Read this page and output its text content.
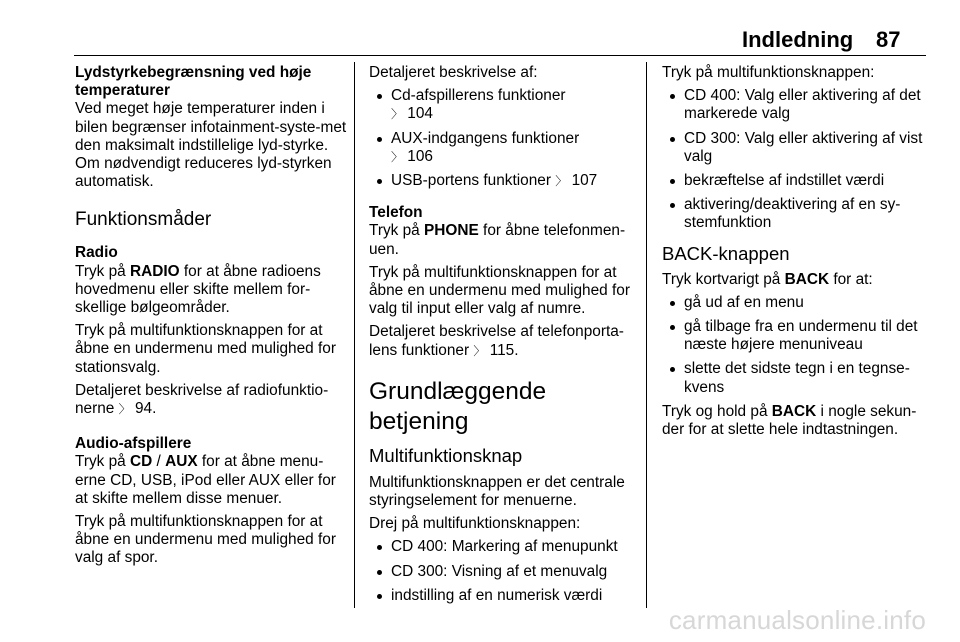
Indledning 87

Lydstyrkebegrænsning ved høje temperaturer

Ved meget høje temperaturer inden i bilen begrænser infotainment-syste-met den maksimalt indstillelige lyd-styrke. Om nødvendigt reduceres lyd-styrken automatisk.

Funktionsmåder

Radio

Tryk på RADIO for at åbne radioens hovedmenu eller skifte mellem for-skellige bølgeområder.

Tryk på multifunktionsknappen for at åbne en undermenu med mulighed for stationsvalg.

Detaljeret beskrivelse af radiofunktio-nerne 〉 94.

Audio-afspillere

Tryk på CD / AUX for at åbne menu-erne CD, USB, iPod eller AUX eller for at skifte mellem disse menuer.

Tryk på multifunktionsknappen for at åbne en undermenu med mulighed for valg af spor.

Detaljeret beskrivelse af:

Cd-afspillerens funktioner
〉 104
AUX-indgangens funktioner
〉 106
USB-portens funktioner 〉 107

Telefon

Tryk på PHONE for åbne telefonmen-uen.

Tryk på multifunktionsknappen for at åbne en undermenu med mulighed for valg til input eller valg af numre.

Detaljeret beskrivelse af telefonporta-lens funktioner 〉 115.

Grundlæggende betjening
Multifunktionsknap

Multifunktionsknappen er det centrale styringselement for menuerne.

Drej på multifunktionsknappen:

CD 400: Markering af menupunkt
CD 300: Visning af et menuvalg
indstilling af en numerisk værdi

Tryk på multifunktionsknappen:

CD 400: Valg eller aktivering af det markerede valg
CD 300: Valg eller aktivering af vist valg
bekræftelse af indstillet værdi
aktivering/deaktivering af en sy-stemfunktion
BACK-knappen

Tryk kortvarigt på BACK for at:

gå ud af en menu
gå tilbage fra en undermenu til det næste højere menuniveau
slette det sidste tegn i en tegnse-kvens

Tryk og hold på BACK i nogle sekun-der for at slette hele indtastningen.

carmanualsonline.info
